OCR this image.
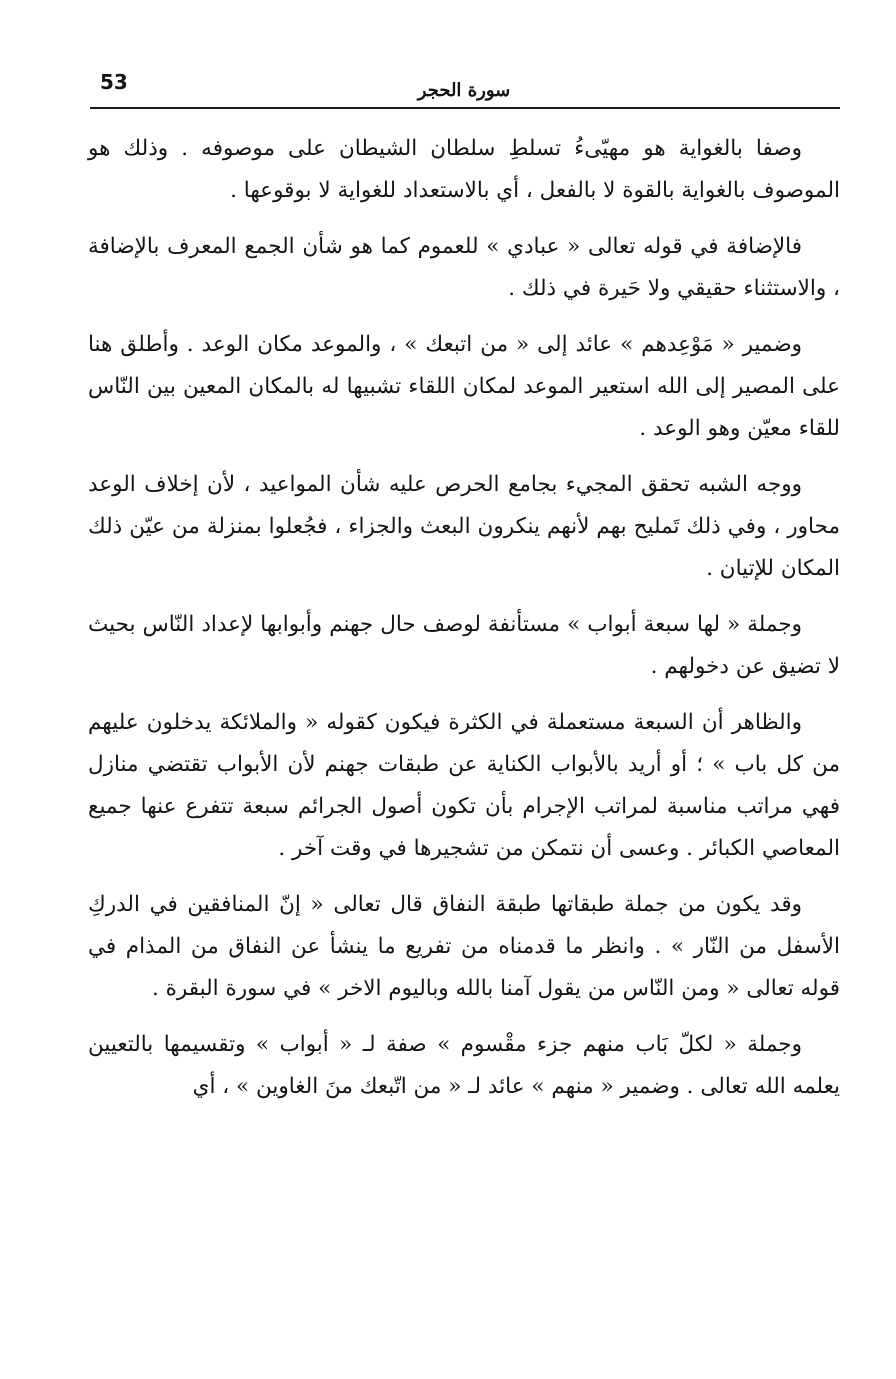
53	سورة الحجر

وصفا بالغواية هو مهيّىءُ تسلطِ سلطان الشيطان على موصوفه . وذلك هو الموصوف بالغواية بالقوة لا بالفعل ، أي بالاستعداد للغواية لا بوقوعها .

فالإضافة في قوله تعالى « عبادي » للعموم كما هو شأن الجمع المعرف بالإضافة ، والاستثناء حقيقي ولا حَيرة في ذلك .

وضمير « مَوْعِدهم » عائد إلى « من اتبعك » ، والموعد مكان الوعد . وأطلق هنا على المصير إلى الله استعير الموعد لمكان اللقاء تشبيها له بالمكان المعين بين النّاس للقاء معيّن وهو الوعد .

ووجه الشبه تحقق المجيء بجامع الحرص عليه شأن المواعيد ، لأن إخلاف الوعد محاور ، وفي ذلك تَمليح بهم لأنهم ينكرون البعث والجزاء ، فجُعلوا بمنزلة من عيّن ذلك المكان للإتيان .

وجملة « لها سبعة أبواب » مستأنفة لوصف حال جهنم وأبوابها لإعداد النّاس بحيث لا تضيق عن دخولهم .

والظاهر أن السبعة مستعملة في الكثرة فيكون كقوله « والملائكة يدخلون عليهم من كل باب » ؛ أو أريد بالأبواب الكناية عن طبقات جهنم لأن الأبواب تقتضي منازل فهي مراتب مناسبة لمراتب الإجرام بأن تكون أصول الجرائم سبعة تتفرع عنها جميع المعاصي الكبائر . وعسى أن نتمكن من تشجيرها في وقت آخر .

وقد يكون من جملة طبقاتها طبقة النفاق قال تعالى « إنّ المنافقين في الدركِ الأسفل من النّار » . وانظر ما قدمناه من تفريع ما ينشأ عن النفاق من المذام في قوله تعالى « ومن النّاس من يقول آمنا بالله وباليوم الاخر » في سورة البقرة .

وجملة « لكلّ بَاب منهم جزء مقْسوم » صفة لـ « أبواب » وتقسيمها بالتعيين يعلمه الله تعالى . وضمير « منهم » عائد لـ « من اتّبعك منَ الغاوين » ، أي
